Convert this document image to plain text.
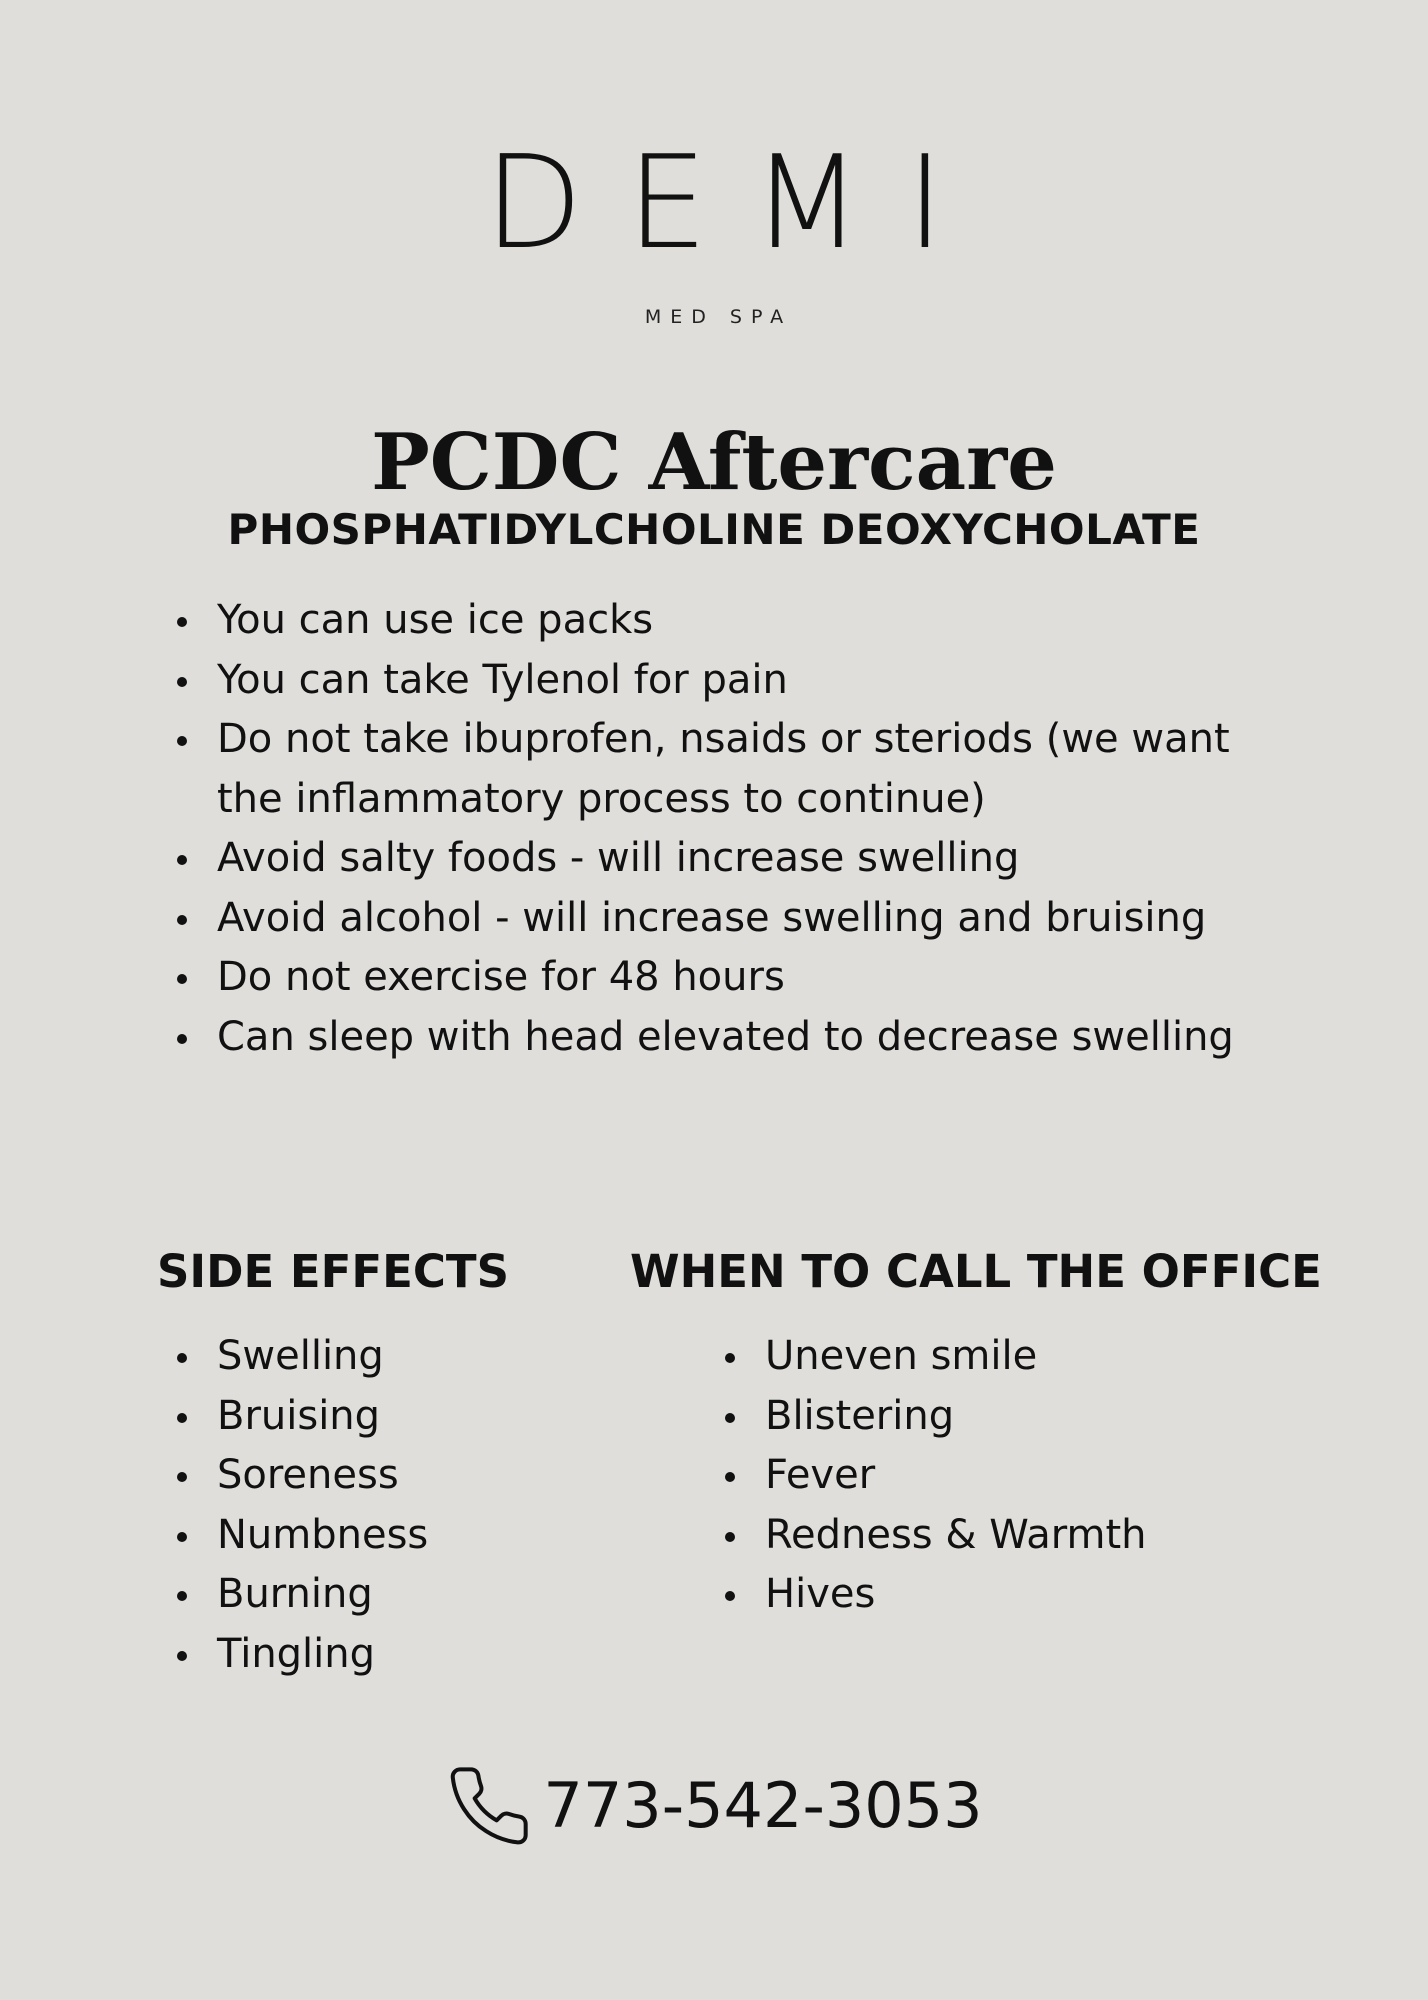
DEMI
MED SPA
PCDC Aftercare
PHOSPHATIDYLCHOLINE DEOXYCHOLATE
You can use ice packs
You can take Tylenol for pain
Do not take ibuprofen, nsaids or steriods (we want the inflammatory process to continue)
Avoid salty foods - will increase swelling
Avoid alcohol - will increase swelling and bruising
Do not exercise for 48 hours
Can sleep with head elevated to decrease swelling
SIDE EFFECTS	WHEN TO CALL THE OFFICE
Swelling
Bruising
Soreness
Numbness
Burning
Tingling
Uneven smile
Blistering
Fever
Redness & Warmth
Hives
773-542-3053
